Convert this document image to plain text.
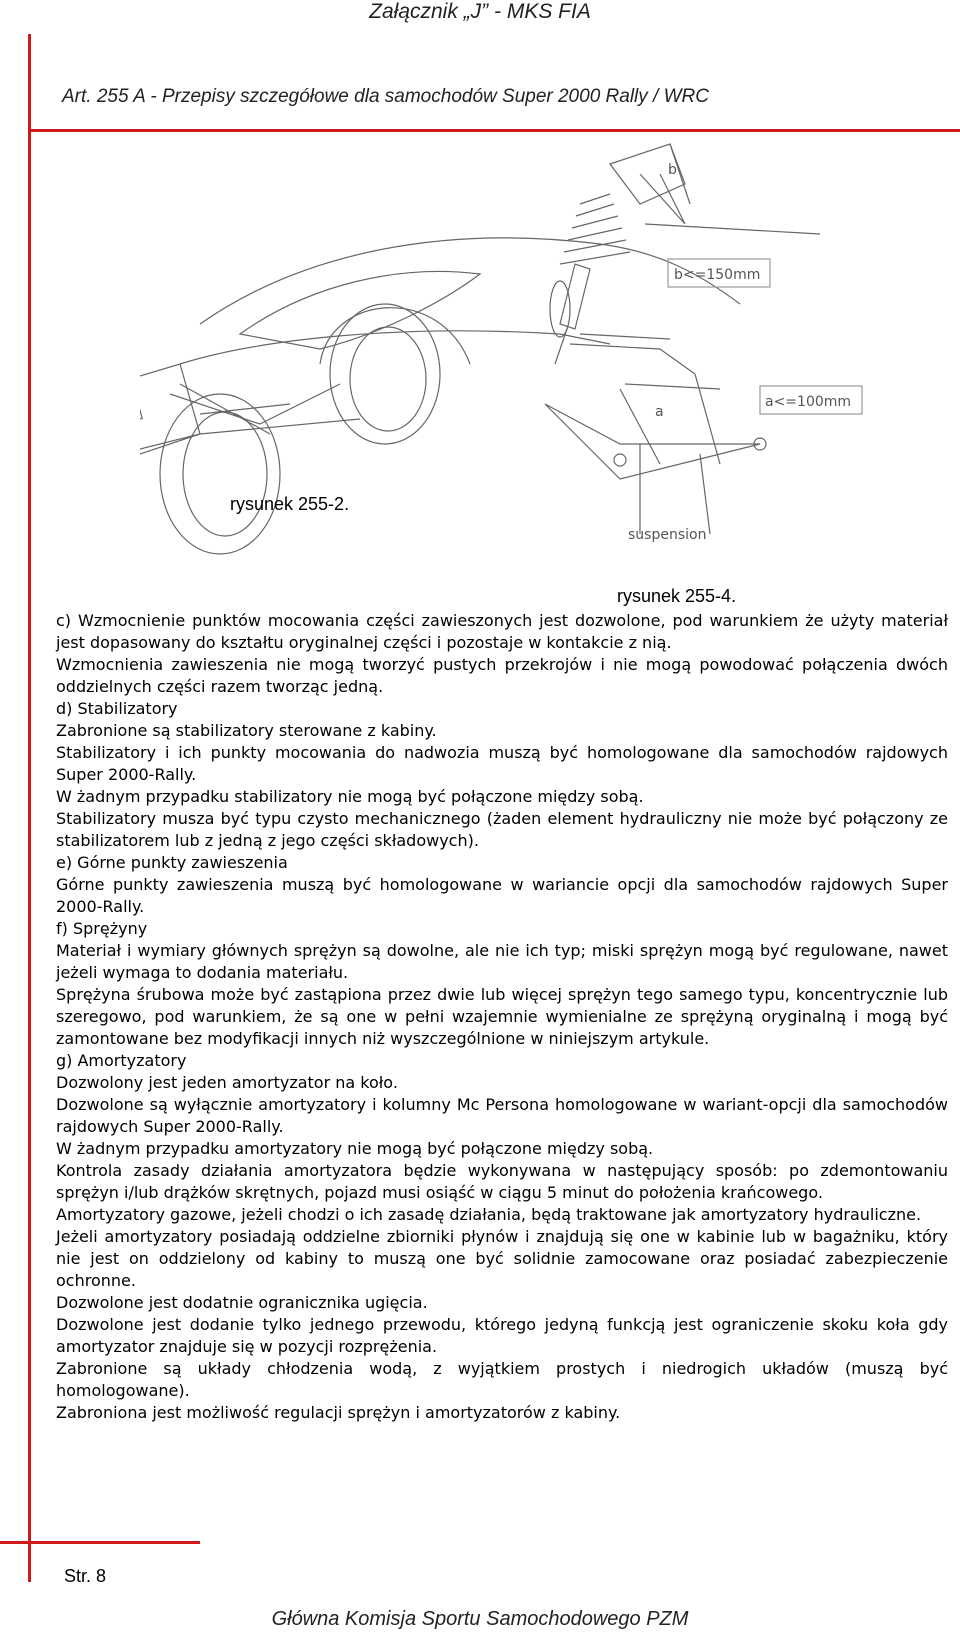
Załącznik „J” - MKS FIA
Art. 255 A - Przepisy szczegółowe dla samochodów Super 2000 Rally / WRC
b<=150mm
a<=100mm
suspension
b
a
rysunek 255-2.
rysunek 255-4.

c) Wzmocnienie punktów mocowania części zawieszonych jest dozwolone, pod warunkiem że użyty materiał jest dopasowany do kształtu oryginalnej części i pozostaje w kontakcie z nią.

Wzmocnienia zawieszenia nie mogą tworzyć pustych przekrojów i nie mogą powodować połączenia dwóch oddzielnych części razem tworząc jedną.

d) Stabilizatory

Zabronione są stabilizatory sterowane z kabiny.

Stabilizatory i ich punkty mocowania do nadwozia muszą być homologowane dla samochodów rajdowych Super 2000-Rally.

W żadnym przypadku stabilizatory nie mogą być połączone między sobą.

Stabilizatory musza być typu czysto mechanicznego (żaden element hydrauliczny nie może być połączony ze stabilizatorem lub z jedną z jego części składowych).

e) Górne punkty zawieszenia

Górne punkty zawieszenia muszą być homologowane w wariancie opcji dla samochodów rajdowych Super 2000-Rally.

f) Sprężyny

Materiał i wymiary głównych sprężyn są dowolne, ale nie ich typ; miski sprężyn mogą być regulowane, nawet jeżeli wymaga to dodania materiału.

Sprężyna śrubowa może być zastąpiona przez dwie lub więcej sprężyn tego samego typu, koncentrycznie lub szeregowo, pod warunkiem, że są one w pełni wzajemnie wymienialne ze sprężyną oryginalną i mogą być zamontowane bez modyfikacji innych niż wyszczególnione w niniejszym artykule.

g) Amortyzatory

Dozwolony jest jeden amortyzator na koło.

Dozwolone są wyłącznie amortyzatory i kolumny Mc Persona homologowane w wariant-opcji dla samochodów rajdowych Super 2000-Rally.

W żadnym przypadku amortyzatory nie mogą być połączone między sobą.

Kontrola zasady działania amortyzatora będzie wykonywana w następujący sposób: po zdemontowaniu sprężyn i/lub drążków skrętnych, pojazd musi osiąść w ciągu 5 minut do położenia krańcowego.

Amortyzatory gazowe, jeżeli chodzi o ich zasadę działania, będą traktowane jak amortyzatory hydrauliczne.

Jeżeli amortyzatory posiadają oddzielne zbiorniki płynów i znajdują się one w kabinie lub w bagażniku, który nie jest on oddzielony od kabiny to muszą one być solidnie zamocowane oraz posiadać zabezpieczenie ochronne.

Dozwolone jest dodatnie ogranicznika ugięcia.

Dozwolone jest dodanie tylko jednego przewodu, którego jedyną funkcją jest ograniczenie skoku koła gdy amortyzator znajduje się w pozycji rozprężenia.

Zabronione są układy chłodzenia wodą, z wyjątkiem prostych i niedrogich układów (muszą być homologowane).

Zabroniona jest możliwość regulacji sprężyn i amortyzatorów z kabiny.

Str. 8
Główna Komisja Sportu Samochodowego PZM
